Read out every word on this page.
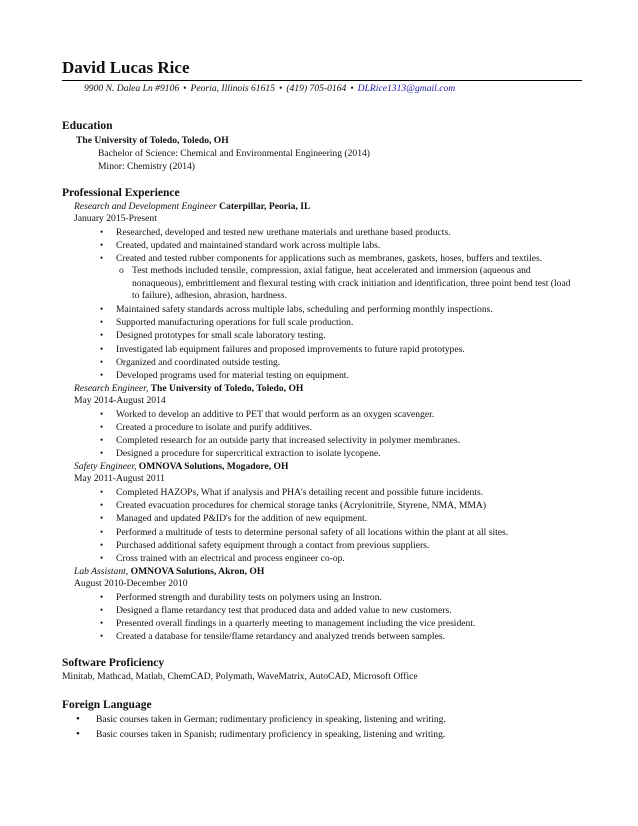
David Lucas Rice
9900 N. Dalea Ln #9106 • Peoria, Illinois 61615 • (419) 705-0164 • DLRice1313@gmail.com
Education
The University of Toledo, Toledo, OH
Bachelor of Science: Chemical and Environmental Engineering (2014)
Minor: Chemistry (2014)
Professional Experience
Research and Development Engineer Caterpillar, Peoria, IL
January 2015-Present
• Researched, developed and tested new urethane materials and urethane based products.
• Created, updated and maintained standard work across multiple labs.
• Created and tested rubber components for applications such as membranes, gaskets, hoses, buffers and textiles.
o Test methods included tensile, compression, axial fatigue, heat accelerated and immersion (aqueous and nonaqueous), embrittlement and flexural testing with crack initiation and identification, three point bend test (load to failure), adhesion, abrasion, hardness.
• Maintained safety standards across multiple labs, scheduling and performing monthly inspections.
• Supported manufacturing operations for full scale production.
• Designed prototypes for small scale laboratory testing.
• Investigated lab equipment failures and proposed improvements to future rapid prototypes.
• Organized and coordinated outside testing.
• Developed programs used for material testing on equipment.
Research Engineer, The University of Toledo, Toledo, OH
May 2014-August 2014
• Worked to develop an additive to PET that would perform as an oxygen scavenger.
• Created a procedure to isolate and purify additives.
• Completed research for an outside party that increased selectivity in polymer membranes.
• Designed a procedure for supercritical extraction to isolate lycopene.
Safety Engineer, OMNOVA Solutions, Mogadore, OH
May 2011-August 2011
• Completed HAZOPs, What if analysis and PHA's detailing recent and possible future incidents.
• Created evacuation procedures for chemical storage tanks (Acrylonitrile, Styrene, NMA, MMA)
• Managed and updated P&ID's for the addition of new equipment.
• Performed a multitude of tests to determine personal safety of all locations within the plant at all sites.
• Purchased additional safety equipment through a contact from previous suppliers.
• Cross trained with an electrical and process engineer co-op.
Lab Assistant, OMNOVA Solutions, Akron, OH
August 2010-December 2010
• Performed strength and durability tests on polymers using an Instron.
• Designed a flame retardancy test that produced data and added value to new customers.
• Presented overall findings in a quarterly meeting to management including the vice president.
• Created a database for tensile/flame retardancy and analyzed trends between samples.
Software Proficiency
Minitab, Mathcad, Matlab, ChemCAD, Polymath, WaveMatrix, AutoCAD, Microsoft Office
Foreign Language
• Basic courses taken in German; rudimentary proficiency in speaking, listening and writing.
• Basic courses taken in Spanish; rudimentary proficiency in speaking, listening and writing.
